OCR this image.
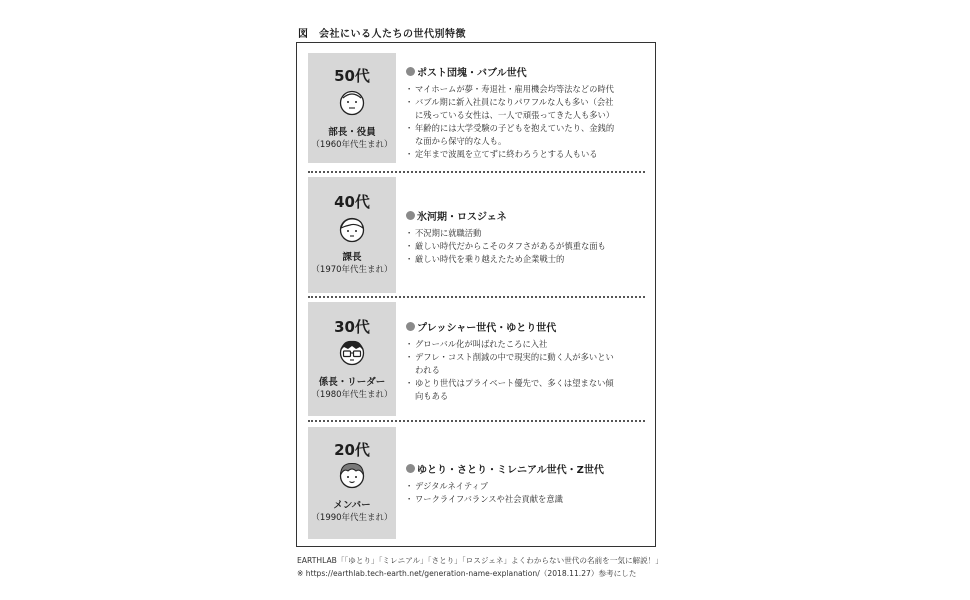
図　会社にいる人たちの世代別特徴
50代
部長・役員
（1960年代生まれ）
ポスト団塊・バブル世代
・ マイホームが夢・寿退社・雇用機会均等法などの時代
・ バブル期に新入社員になりパワフルな人も多い（会社
に残っている女性は、一人で頑張ってきた人も多い）
・ 年齢的には大学受験の子どもを抱えていたり、金銭的
な面から保守的な人も。
・ 定年まで波風を立てずに終わろうとする人もいる
40代
課長
（1970年代生まれ）
氷河期・ロスジェネ
・ 不況期に就職活動
・ 厳しい時代だからこそのタフさがあるが慎重な面も
・ 厳しい時代を乗り越えたため企業戦士的
30代
係長・リーダー
（1980年代生まれ）
プレッシャー世代・ゆとり世代
・ グローバル化が叫ばれたころに入社
・ デフレ・コスト削減の中で現実的に動く人が多いとい
われる
・ ゆとり世代はプライベート優先で、多くは望まない傾
向もある
20代
メンバー
（1990年代生まれ）
ゆとり・さとり・ミレニアル世代・Z世代
・ デジタルネイティブ
・ ワークライフバランスや社会貢献を意識
EARTHLAB「「ゆとり」「ミレニアル」「さとり」「ロスジェネ」よくわからない世代の名前を一気に解説！」
※ https://earthlab.tech-earth.net/generation-name-explanation/（2018.11.27）参考にした
